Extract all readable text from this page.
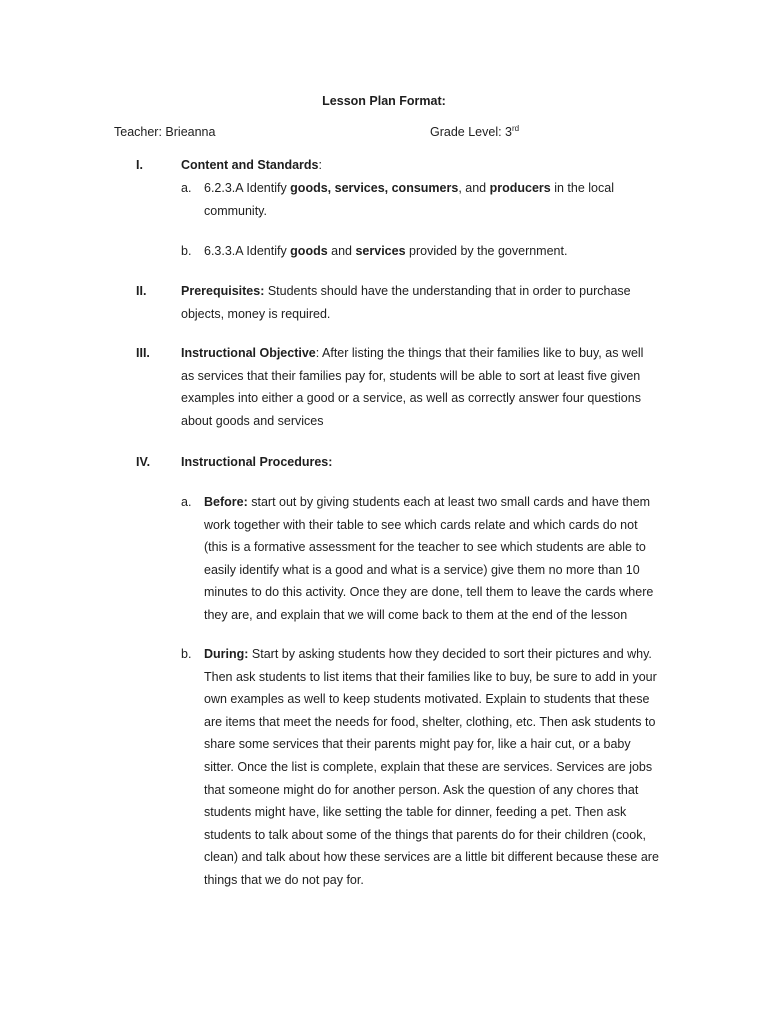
Lesson Plan Format:
Teacher: Brieanna	Grade Level: 3rd
I.	Content and Standards:
a. 6.2.3.A Identify goods, services, consumers, and producers in the local community.
b. 6.3.3.A Identify goods and services provided by the government.
II.	Prerequisites: Students should have the understanding that in order to purchase objects, money is required.
III. Instructional Objective: After listing the things that their families like to buy, as well as services that their families pay for, students will be able to sort at least five given examples into either a good or a service, as well as correctly answer four questions about goods and services
IV. Instructional Procedures:
a. Before: start out by giving students each at least two small cards and have them work together with their table to see which cards relate and which cards do not (this is a formative assessment for the teacher to see which students are able to easily identify what is a good and what is a service) give them no more than 10 minutes to do this activity. Once they are done, tell them to leave the cards where they are, and explain that we will come back to them at the end of the lesson
b. During: Start by asking students how they decided to sort their pictures and why. Then ask students to list items that their families like to buy, be sure to add in your own examples as well to keep students motivated. Explain to students that these are items that meet the needs for food, shelter, clothing, etc. Then ask students to share some services that their parents might pay for, like a hair cut, or a baby sitter. Once the list is complete, explain that these are services. Services are jobs that someone might do for another person. Ask the question of any chores that students might have, like setting the table for dinner, feeding a pet. Then ask students to talk about some of the things that parents do for their children (cook, clean) and talk about how these services are a little bit different because these are things that we do not pay for.
